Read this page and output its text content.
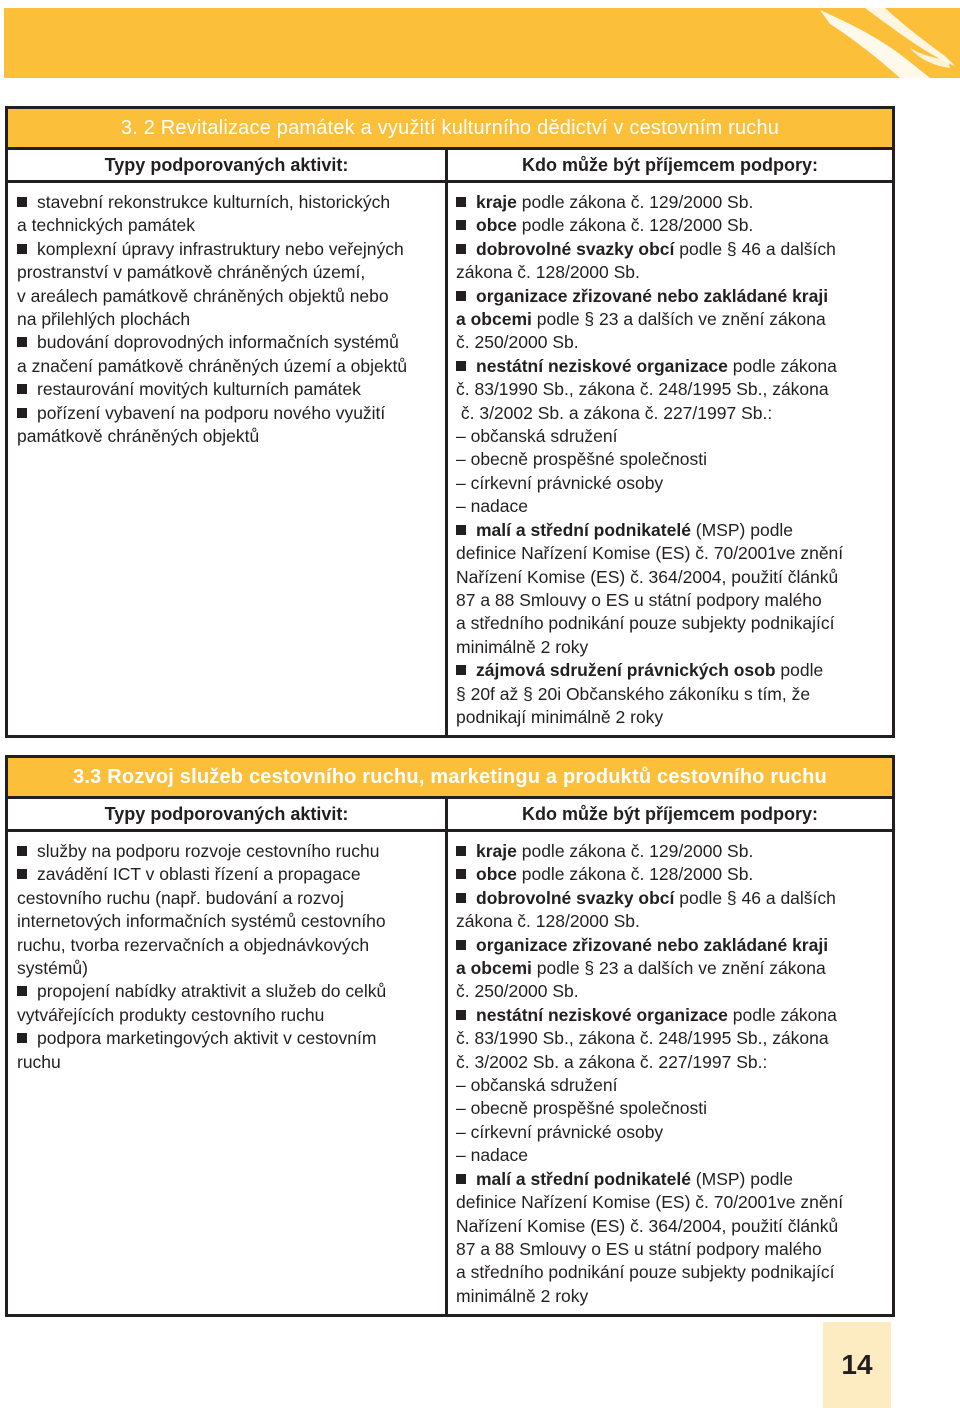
3. 2 Revitalizace památek a využití kulturního dědictví v cestovním ruchu
Typy podporovaných aktivit:
stavební rekonstrukce kulturních, historických
a technických památek
komplexní úpravy infrastruktury nebo veřejných
prostranství v památkově chráněných území,
v areálech památkově chráněných objektů nebo
na přilehlých plochách
budování doprovodných informačních systémů
a značení památkově chráněných území a objektů
restaurování movitých kulturních památek
pořízení vybavení na podporu nového využití
památkově chráněných objektů
Kdo může být příjemcem podpory:
kraje podle zákona č. 129/2000 Sb.
obce podle zákona č. 128/2000 Sb.
dobrovolné svazky obcí podle § 46 a dalších
zákona č. 128/2000 Sb.
organizace zřizované nebo zakládané kraji
a obcemi podle § 23 a dalších ve znění zákona
č. 250/2000 Sb.
nestátní neziskové organizace podle zákona
č. 83/1990 Sb., zákona č. 248/1995 Sb., zákona
č. 3/2002 Sb. a zákona č. 227/1997 Sb.:
– občanská sdružení
– obecně prospěšné společnosti
– církevní právnické osoby
– nadace
malí a střední podnikatelé (MSP) podle
definice Nařízení Komise (ES) č. 70/2001ve znění
Nařízení Komise (ES) č. 364/2004, použití článků
87 a 88 Smlouvy o ES u státní podpory malého
a středního podnikání pouze subjekty podnikající
minimálně 2 roky
zájmová sdružení právnických osob podle
§ 20f až § 20i Občanského zákoníku s tím, že
podnikají minimálně 2 roky
3.3 Rozvoj služeb cestovního ruchu, marketingu a produktů cestovního ruchu
Typy podporovaných aktivit:
služby na podporu rozvoje cestovního ruchu
zavádění ICT v oblasti řízení a propagace
cestovního ruchu (např. budování a rozvoj
internetových informačních systémů cestovního
ruchu, tvorba rezervačních a objednávkových
systémů)
propojení nabídky atraktivit a služeb do celků
vytvářejících produkty cestovního ruchu
podpora marketingových aktivit v cestovním
ruchu
Kdo může být příjemcem podpory:
kraje podle zákona č. 129/2000 Sb.
obce podle zákona č. 128/2000 Sb.
dobrovolné svazky obcí podle § 46 a dalších
zákona č. 128/2000 Sb.
organizace zřizované nebo zakládané kraji
a obcemi podle § 23 a dalších ve znění zákona
č. 250/2000 Sb.
nestátní neziskové organizace podle zákona
č. 83/1990 Sb., zákona č. 248/1995 Sb., zákona
č. 3/2002 Sb. a zákona č. 227/1997 Sb.:
– občanská sdružení
– obecně prospěšné společnosti
– církevní právnické osoby
– nadace
malí a střední podnikatelé (MSP) podle
definice Nařízení Komise (ES) č. 70/2001ve znění
Nařízení Komise (ES) č. 364/2004, použití článků
87 a 88 Smlouvy o ES u státní podpory malého
a středního podnikání pouze subjekty podnikající
minimálně 2 roky
14
